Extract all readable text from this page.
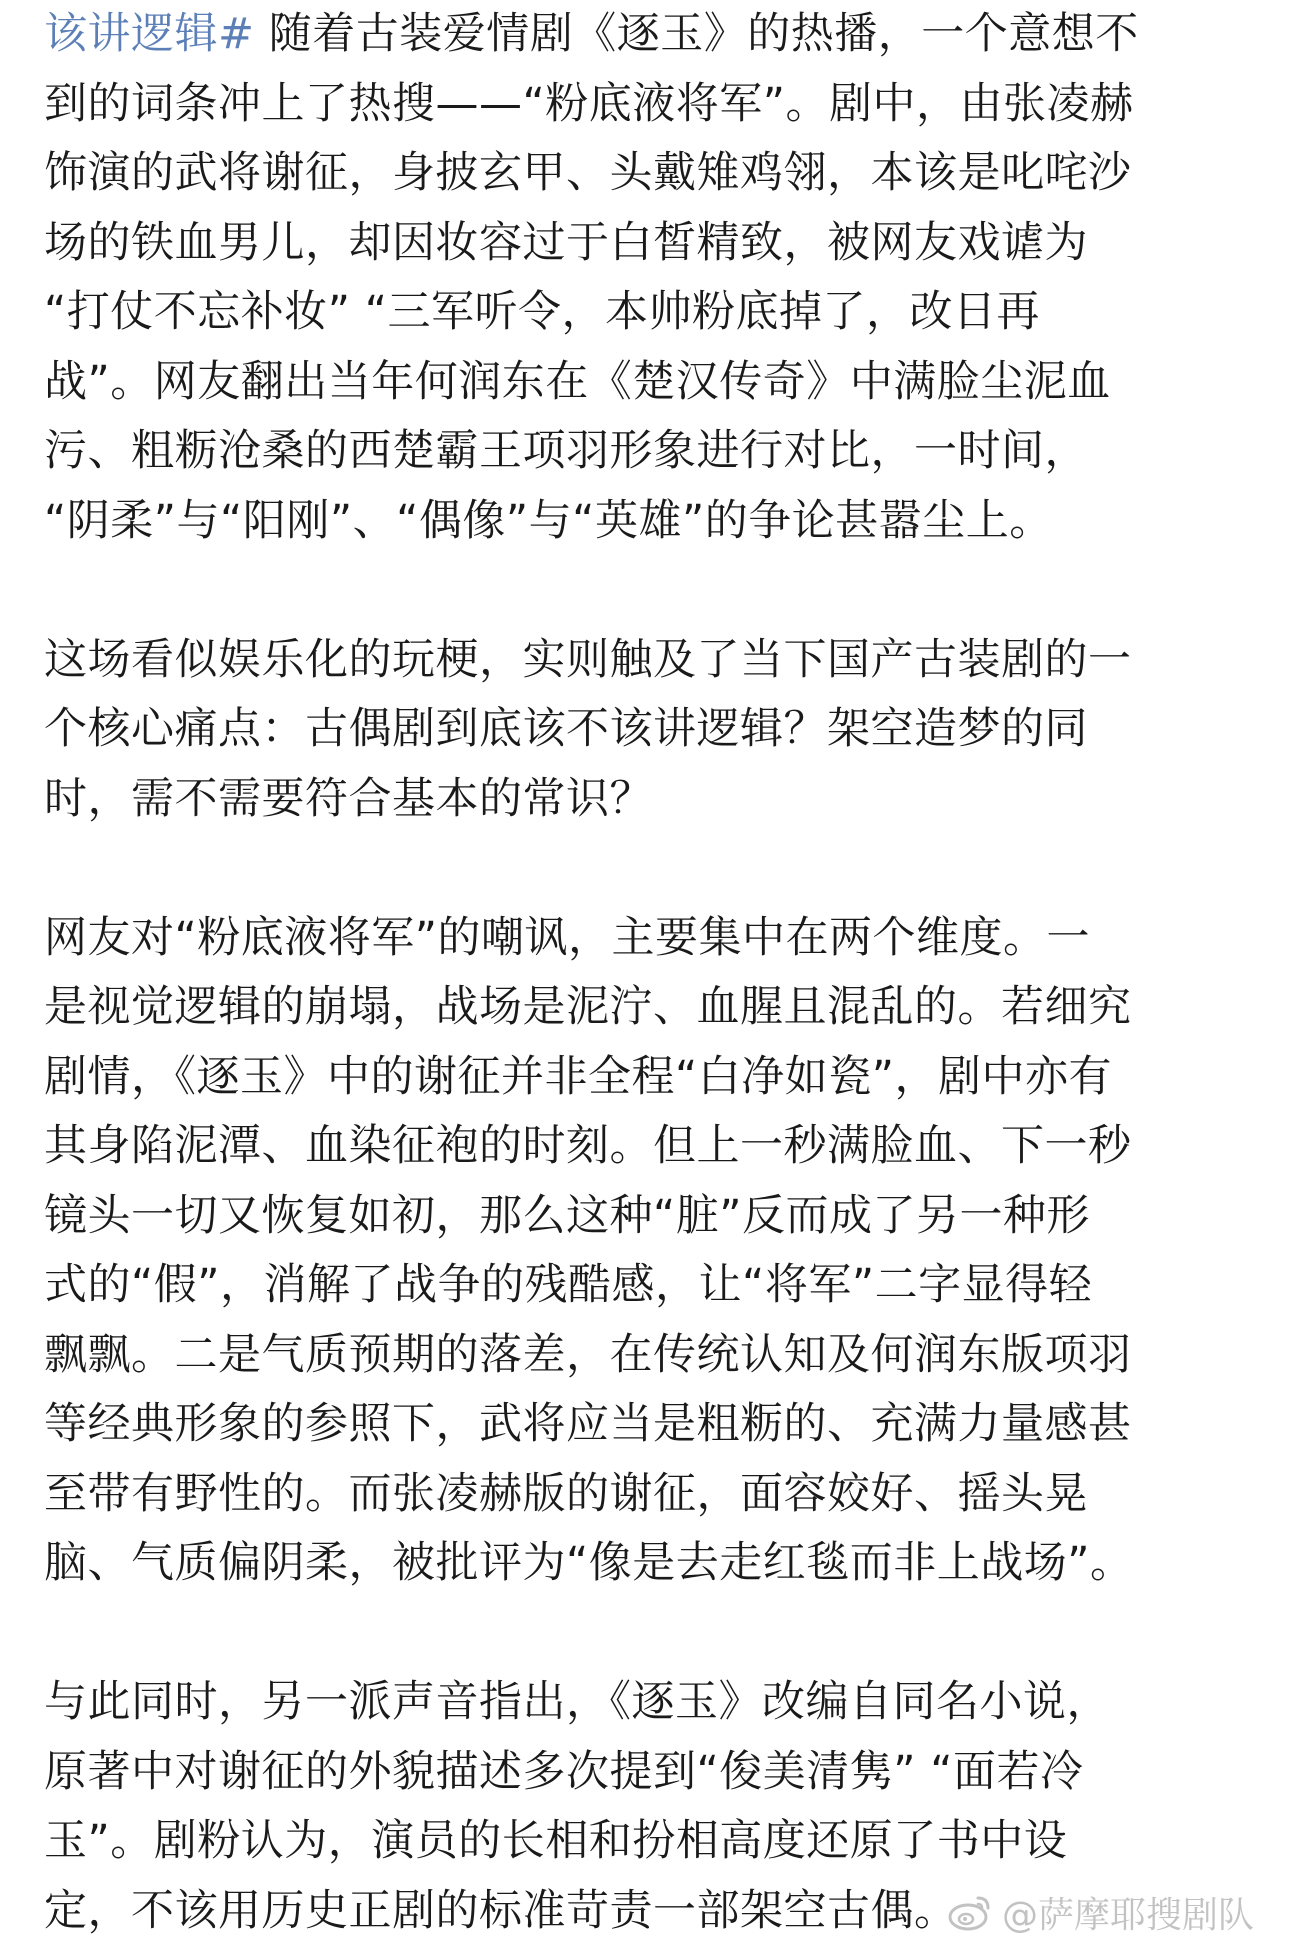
该讲逻辑# 随着古装爱情剧《逐玉》的热播，一个意想不
到的词条冲上了热搜——“粉底液将军”。剧中，由张凌赫
饰演的武将谢征，身披玄甲、头戴雉鸡翎，本该是叱咤沙
场的铁血男儿，却因妆容过于白皙精致，被网友戏谑为
“打仗不忘补妆” “三军听令，本帅粉底掉了，改日再
战”。网友翻出当年何润东在《楚汉传奇》中满脸尘泥血
污、粗粝沧桑的西楚霸王项羽形象进行对比，一时间，
“阴柔”与“阳刚”、“偶像”与“英雄”的争论甚嚣尘上。
这场看似娱乐化的玩梗，实则触及了当下国产古装剧的一
个核心痛点：古偶剧到底该不该讲逻辑？架空造梦的同
时，需不需要符合基本的常识？
网友对“粉底液将军”的嘲讽，主要集中在两个维度。一
是视觉逻辑的崩塌，战场是泥泞、血腥且混乱的。若细究
剧情，《逐玉》中的谢征并非全程“白净如瓷”，剧中亦有
其身陷泥潭、血染征袍的时刻。但上一秒满脸血、下一秒
镜头一切又恢复如初，那么这种“脏”反而成了另一种形
式的“假”，消解了战争的残酷感，让“将军”二字显得轻
飘飘。二是气质预期的落差，在传统认知及何润东版项羽
等经典形象的参照下，武将应当是粗粝的、充满力量感甚
至带有野性的。而张凌赫版的谢征，面容姣好、摇头晃
脑、气质偏阴柔，被批评为“像是去走红毯而非上战场”。
与此同时，另一派声音指出，《逐玉》改编自同名小说，
原著中对谢征的外貌描述多次提到“俊美清隽” “面若冷
玉”。剧粉认为，演员的长相和扮相高度还原了书中设
定，不该用历史正剧的标准苛责一部架空古偶。	@萨摩耶搜剧队
